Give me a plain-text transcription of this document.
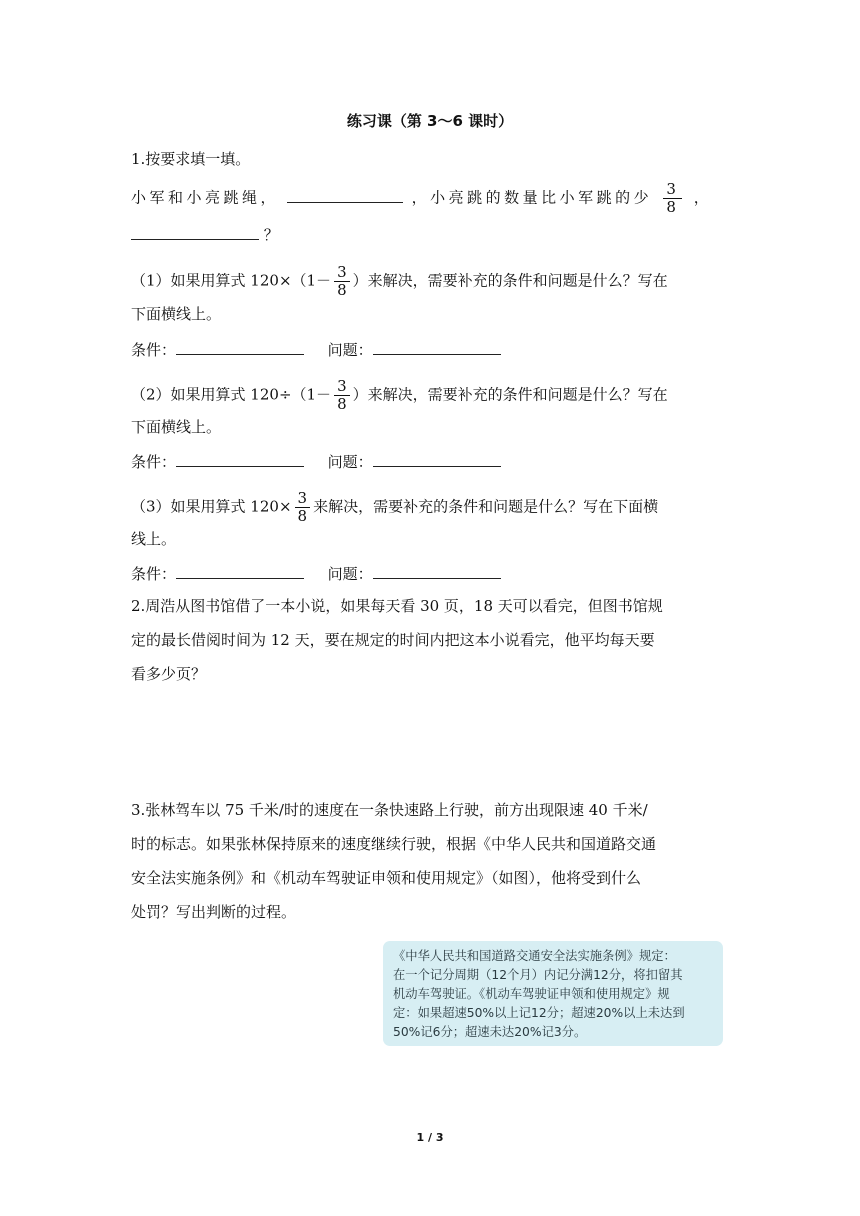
练习课（第 3～6 课时）
1.按要求填一填。
小军和小亮跳绳，	，小亮跳的数量比小军跳的少 $\frac{3}{8}$ ，
？
（1）如果用算式 $120\times(1- \frac{3}{8}$ ）来解决，需要补充的条件和问题是什么？写在
下面横线上。
条件：	问题：
（2）如果用算式 $120\div(1- \frac{3}{8}$ ）来解决，需要补充的条件和问题是什么？写在
下面横线上。
条件：	问题：
（3）如果用算式 $120\times \frac{3}{8}$ 来解决，需要补充的条件和问题是什么？写在下面横
线上。
条件：	问题：
2.周浩从图书馆借了一本小说，如果每天看 30 页，18 天可以看完，但图书馆规
定的最长借阅时间为 12 天，要在规定的时间内把这本小说看完，他平均每天要
看多少页？
3.张林驾车以 75 千米/时的速度在一条快速路上行驶，前方出现限速 40 千米/
时的标志。如果张林保持原来的速度继续行驶，根据《中华人民共和国道路交通
安全法实施条例》和《机动车驾驶证申领和使用规定》（如图），他将受到什么
处罚？写出判断的过程。
《中华人民共和国道路交通安全法实施条例》规定：
在一个记分周期（12个月）内记分满12分，将扣留其
机动车驾驶证。《机动车驾驶证申领和使用规定》规
定：如果超速50%以上记12分；超速20%以上未达到
50%记6分；超速未达20%记3分。
1 / 3
